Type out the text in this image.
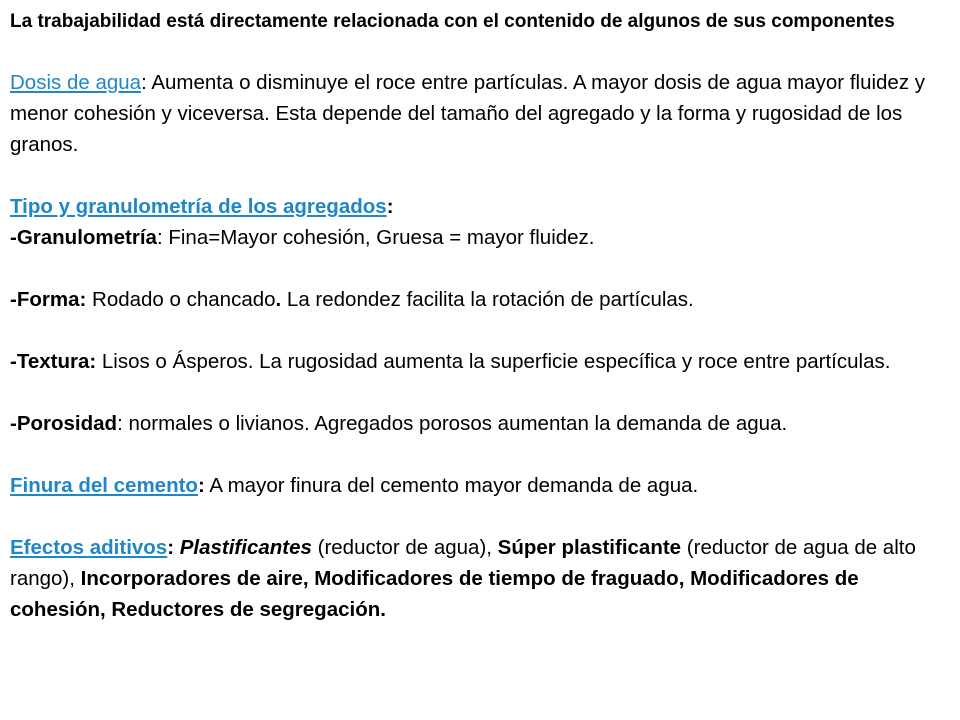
La trabajabilidad está directamente relacionada con el contenido de algunos de sus componentes

Dosis de agua: Aumenta o disminuye el roce entre partículas. A mayor dosis de agua mayor fluidez y menor cohesión y viceversa. Esta depende del tamaño del agregado y la forma y rugosidad de los granos.

Tipo y granulometría de los agregados:

-Granulometría: Fina=Mayor cohesión, Gruesa = mayor fluidez.

-Forma: Rodado o chancado. La redondez facilita la rotación de partículas.

-Textura: Lisos o Ásperos. La rugosidad aumenta la superficie específica y roce entre partículas.

-Porosidad: normales o livianos. Agregados porosos aumentan la demanda de agua.

Finura del cemento: A mayor finura del cemento mayor demanda de agua.

Efectos aditivos: Plastificantes (reductor de agua), Súper plastificante (reductor de agua de alto rango), Incorporadores de aire, Modificadores de tiempo de fraguado, Modificadores de cohesión, Reductores de segregación.
